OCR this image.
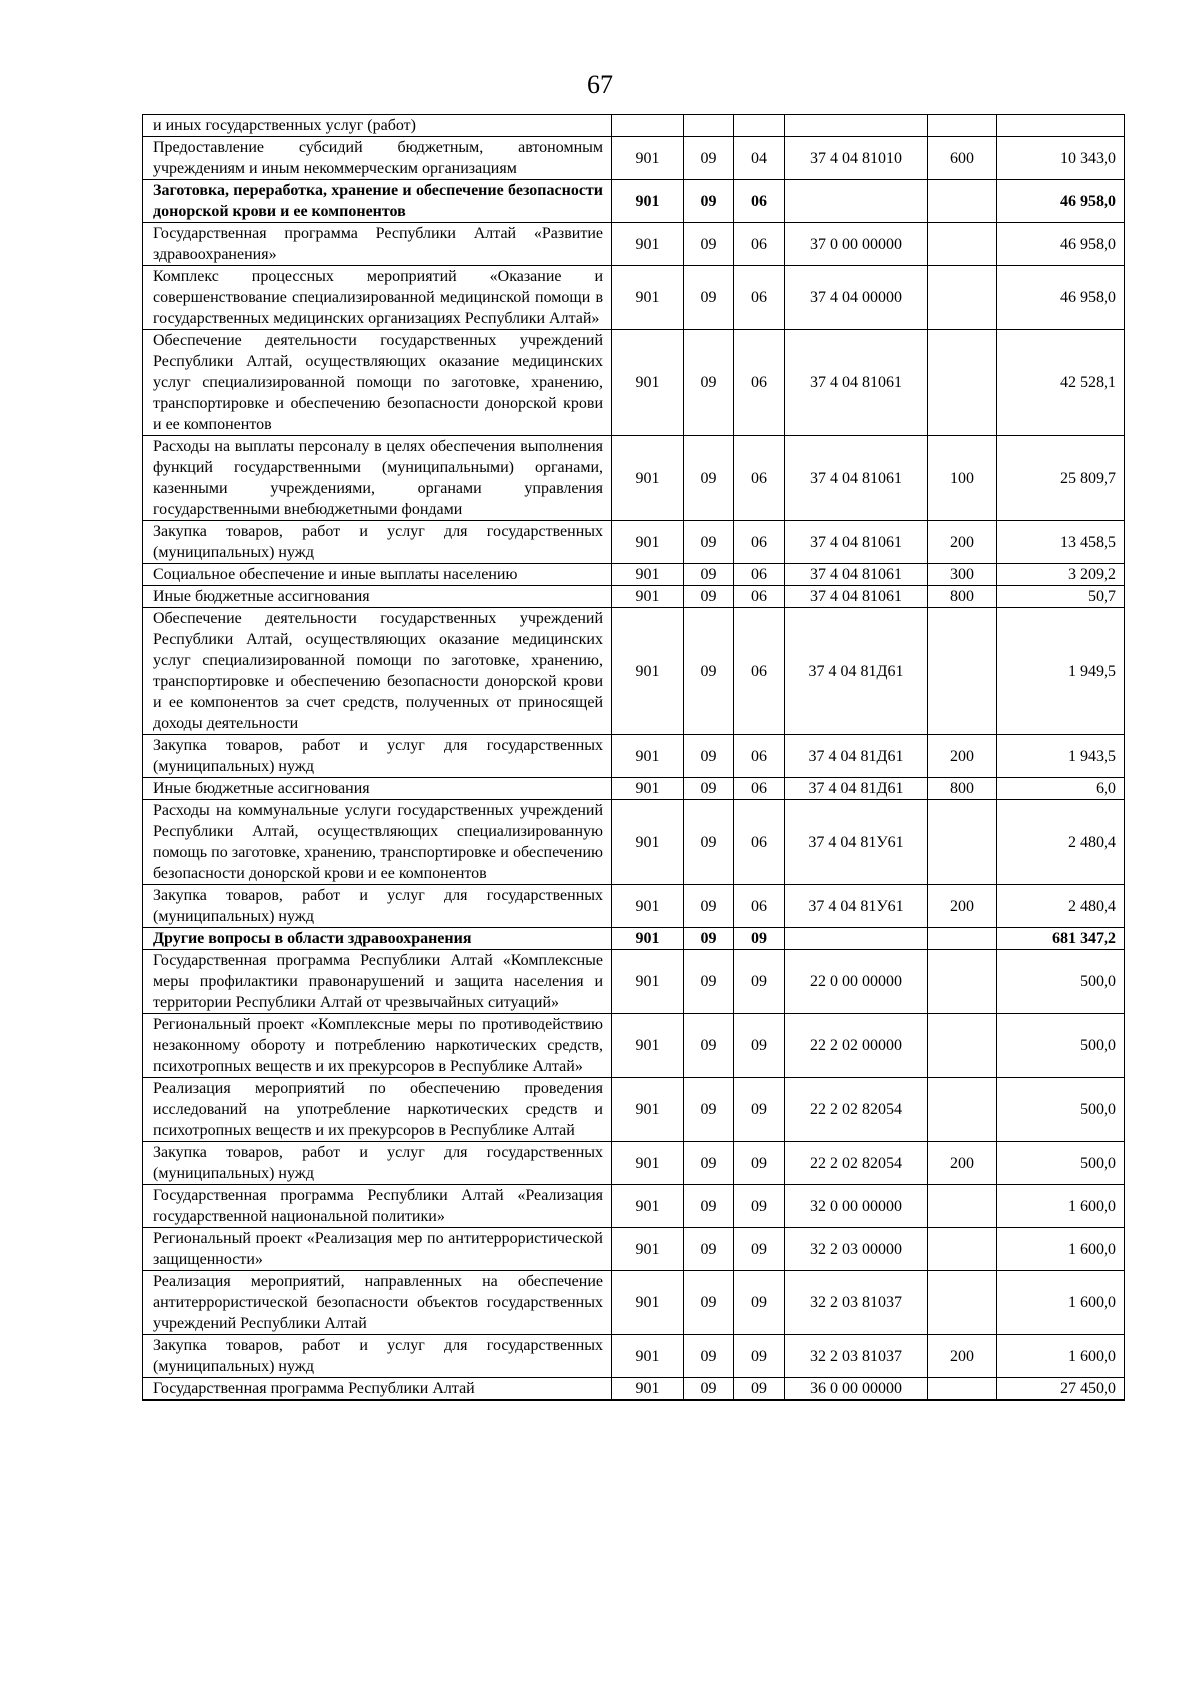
67
и иных государственных услуг (работ)						
Предоставление субсидий бюджетным, автономным учреждениям и иным некоммерческим организациям	901	09	04	37 4 04 81010	600	10 343,0
Заготовка, переработка, хранение и обеспечение безопасности донорской крови и ее компонентов	901	09	06			46 958,0
Государственная программа Республики Алтай «Развитие здравоохранения»	901	09	06	37 0 00 00000		46 958,0
Комплекс процессных мероприятий «Оказание и совершенствование специализированной медицинской помощи в государственных медицинских организациях Республики Алтай»	901	09	06	37 4 04 00000		46 958,0
Обеспечение деятельности государственных учреждений Республики Алтай, осуществляющих оказание медицинских услуг специализированной помощи по заготовке, хранению, транспортировке и обеспечению безопасности донорской крови и ее компонентов	901	09	06	37 4 04 81061		42 528,1
Расходы на выплаты персоналу в целях обеспечения выполнения функций государственными (муниципальными) органами, казенными учреждениями, органами управления государственными внебюджетными фондами	901	09	06	37 4 04 81061	100	25 809,7
Закупка товаров, работ и услуг для государственных (муниципальных) нужд	901	09	06	37 4 04 81061	200	13 458,5
Социальное обеспечение и иные выплаты населению	901	09	06	37 4 04 81061	300	3 209,2
Иные бюджетные ассигнования	901	09	06	37 4 04 81061	800	50,7
Обеспечение деятельности государственных учреждений Республики Алтай, осуществляющих оказание медицинских услуг специализированной помощи по заготовке, хранению, транспортировке и обеспечению безопасности донорской крови и ее компонентов за счет средств, полученных от приносящей доходы деятельности	901	09	06	37 4 04 81Д61		1 949,5
Закупка товаров, работ и услуг для государственных (муниципальных) нужд	901	09	06	37 4 04 81Д61	200	1 943,5
Иные бюджетные ассигнования	901	09	06	37 4 04 81Д61	800	6,0
Расходы на коммунальные услуги государственных учреждений Республики Алтай, осуществляющих специализированную помощь по заготовке, хранению, транспортировке и обеспечению безопасности донорской крови и ее компонентов	901	09	06	37 4 04 81У61		2 480,4
Закупка товаров, работ и услуг для государственных (муниципальных) нужд	901	09	06	37 4 04 81У61	200	2 480,4
Другие вопросы в области здравоохранения	901	09	09			681 347,2
Государственная программа Республики Алтай «Комплексные меры профилактики правонарушений и защита населения и территории Республики Алтай от чрезвычайных ситуаций»	901	09	09	22 0 00 00000		500,0
Региональный проект «Комплексные меры по противодействию незаконному обороту и потреблению наркотических средств, психотропных веществ и их прекурсоров в Республике Алтай»	901	09	09	22 2 02 00000		500,0
Реализация мероприятий по обеспечению проведения исследований на употребление наркотических средств и психотропных веществ и их прекурсоров в Республике Алтай	901	09	09	22 2 02 82054		500,0
Закупка товаров, работ и услуг для государственных (муниципальных) нужд	901	09	09	22 2 02 82054	200	500,0
Государственная программа Республики Алтай «Реализация государственной национальной политики»	901	09	09	32 0 00 00000		1 600,0
Региональный проект «Реализация мер по антитеррористической защищенности»	901	09	09	32 2 03 00000		1 600,0
Реализация мероприятий, направленных на обеспечение антитеррористической безопасности объектов государственных учреждений Республики Алтай	901	09	09	32 2 03 81037		1 600,0
Закупка товаров, работ и услуг для государственных (муниципальных) нужд	901	09	09	32 2 03 81037	200	1 600,0
Государственная программа Республики Алтай	901	09	09	36 0 00 00000		27 450,0
